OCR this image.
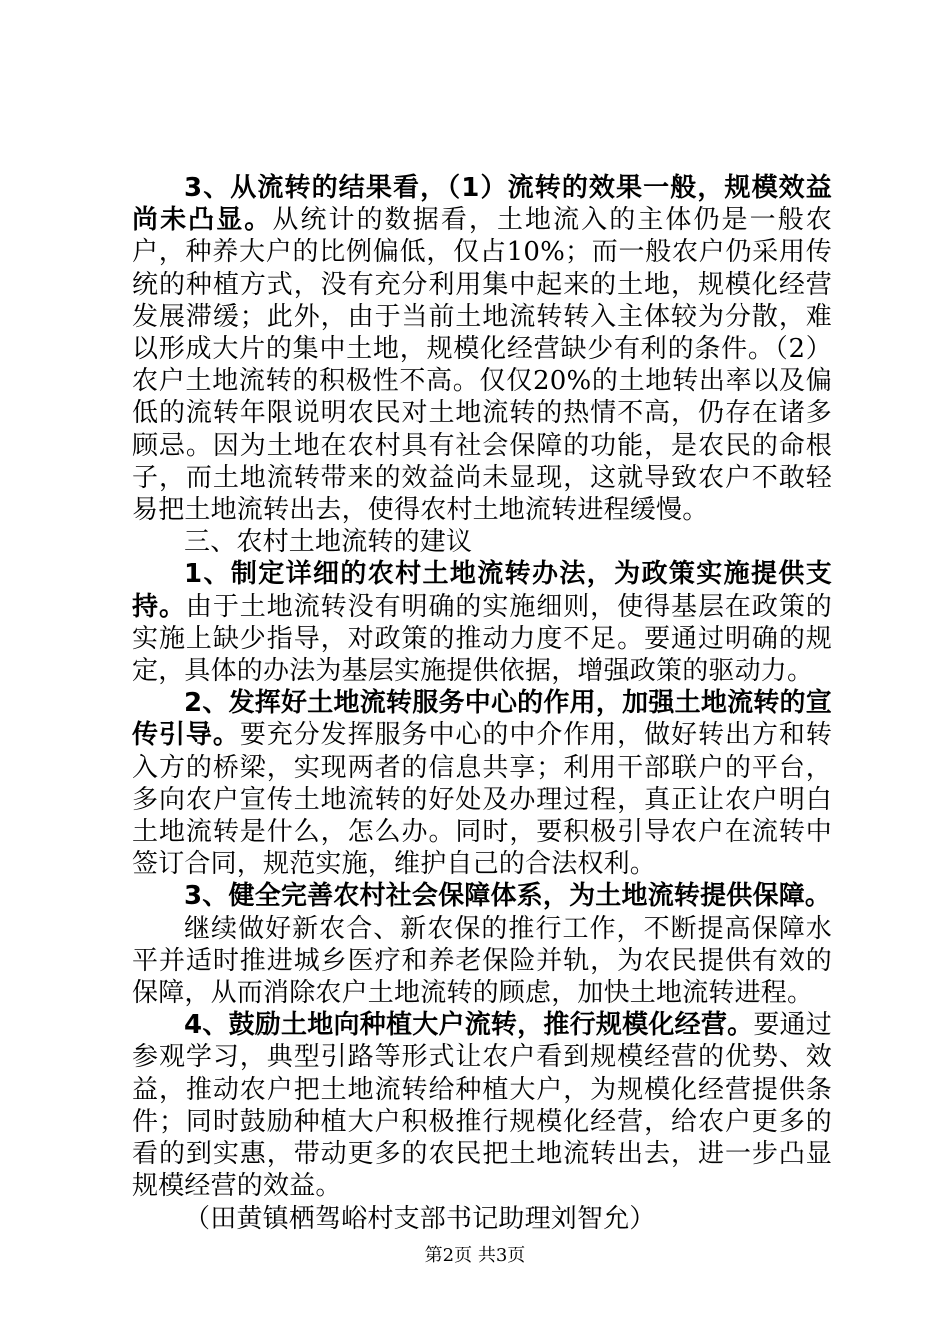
3、从流转的结果看，（1）流转的效果一般，规模效益尚未凸显。从统计的数据看，土地流入的主体仍是一般农户，种养大户的比例偏低，仅占10%；而一般农户仍采用传统的种植方式，没有充分利用集中起来的土地，规模化经营发展滞缓；此外，由于当前土地流转转入主体较为分散，难以形成大片的集中土地，规模化经营缺少有利的条件。（2）农户土地流转的积极性不高。仅仅20%的土地转出率以及偏低的流转年限说明农民对土地流转的热情不高，仍存在诸多顾忌。因为土地在农村具有社会保障的功能，是农民的命根子，而土地流转带来的效益尚未显现，这就导致农户不敢轻易把土地流转出去，使得农村土地流转进程缓慢。

三、农村土地流转的建议

1、制定详细的农村土地流转办法，为政策实施提供支持。由于土地流转没有明确的实施细则，使得基层在政策的实施上缺少指导，对政策的推动力度不足。要通过明确的规定，具体的办法为基层实施提供依据，增强政策的驱动力。

2、发挥好土地流转服务中心的作用，加强土地流转的宣传引导。要充分发挥服务中心的中介作用，做好转出方和转入方的桥梁，实现两者的信息共享；利用干部联户的平台，多向农户宣传土地流转的好处及办理过程，真正让农户明白土地流转是什么，怎么办。同时，要积极引导农户在流转中签订合同，规范实施，维护自己的合法权利。

3、健全完善农村社会保障体系，为土地流转提供保障。

继续做好新农合、新农保的推行工作，不断提高保障水平并适时推进城乡医疗和养老保险并轨，为农民提供有效的保障，从而消除农户土地流转的顾虑，加快土地流转进程。

4、鼓励土地向种植大户流转，推行规模化经营。要通过参观学习，典型引路等形式让农户看到规模经营的优势、效益，推动农户把土地流转给种植大户，为规模化经营提供条件；同时鼓励种植大户积极推行规模化经营，给农户更多的看的到实惠，带动更多的农民把土地流转出去，进一步凸显规模经营的效益。

（田黄镇栖驾峪村支部书记助理刘智允）

第2页 共3页
